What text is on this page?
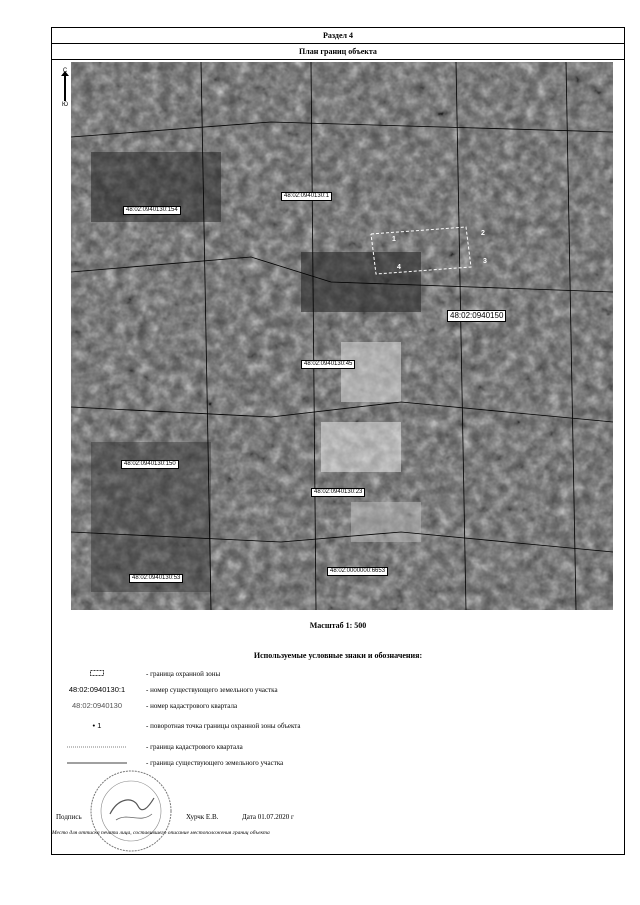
Раздел 4
План границ объекта
Ю
48:02:0940130:1
48:02:0940130:154
48:02:0940150
48:02:0940130:45
48:02:0940130:150
48:02:0940130:23
48:02:0000000:6653
48:02:0940130:53
1
2
3
4
Масштаб 1: 500
Используемые условные знаки и обозначения:
- граница охранной зоны
48:02:0940130:1	- номер существующего земельного участка
48:02:0940130	- номер кадастрового квартала
• 1	- поворотная точка границы охранной зоны объекта
- граница кадастрового квартала
- граница существующего земельного участка
Подпись	Хурчк Е.В.	Дата 01.07.2020 г
Место для оттиска печати лица, составившего описание местоположения границ объекта
